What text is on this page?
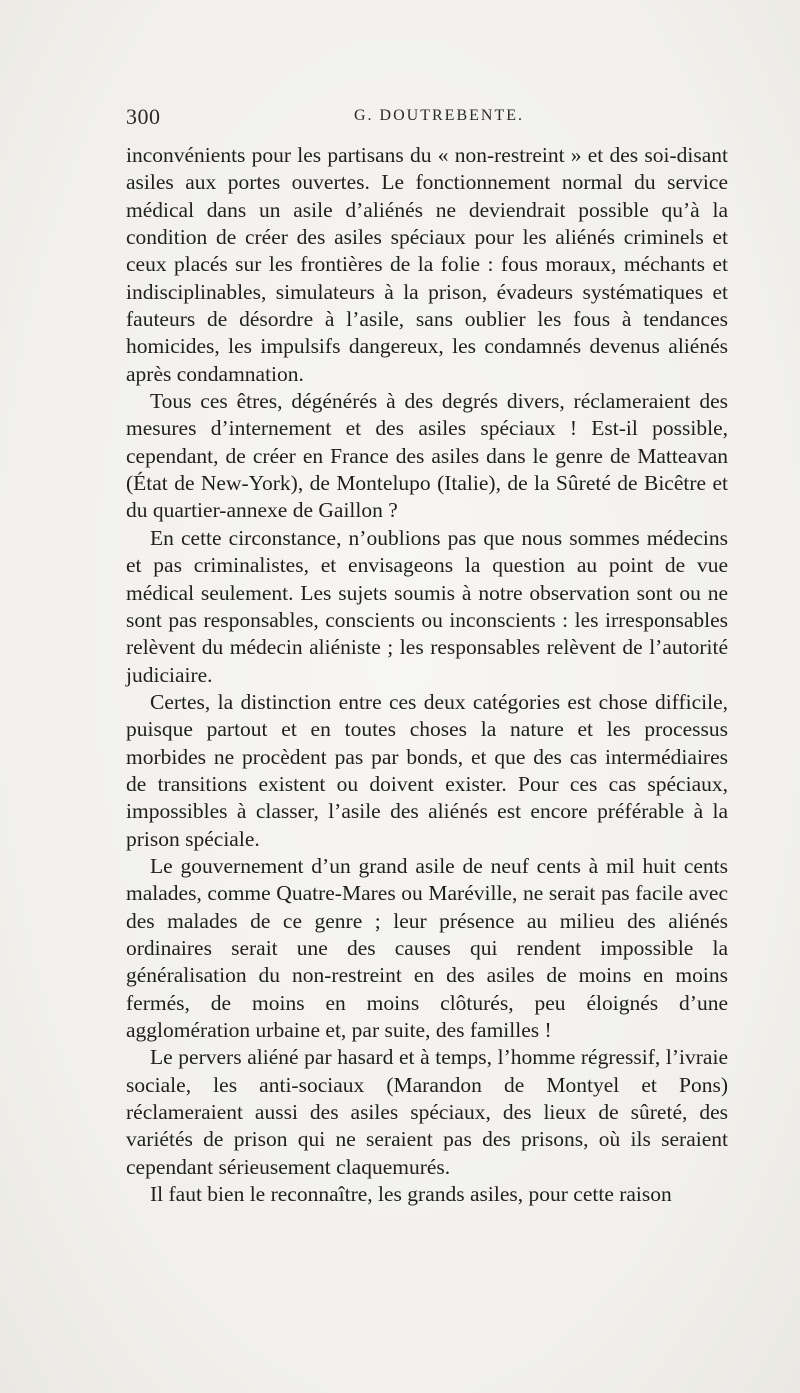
300	G. DOUTREBENTE.

inconvénients pour les partisans du « non-restreint » et des soi-disant asiles aux portes ouvertes. Le fonctionnement normal du service médical dans un asile d’aliénés ne deviendrait possible qu’à la condition de créer des asiles spéciaux pour les aliénés criminels et ceux placés sur les frontières de la folie : fous moraux, méchants et indisciplinables, simulateurs à la prison, évadeurs systématiques et fauteurs de désordre à l’asile, sans oublier les fous à tendances homicides, les impulsifs dangereux, les condamnés devenus aliénés après condamnation.

Tous ces êtres, dégénérés à des degrés divers, réclameraient des mesures d’internement et des asiles spéciaux ! Est-il possible, cependant, de créer en France des asiles dans le genre de Matteavan (État de New-York), de Montelupo (Italie), de la Sûreté de Bicêtre et du quartier-annexe de Gaillon ?

En cette circonstance, n’oublions pas que nous sommes médecins et pas criminalistes, et envisageons la question au point de vue médical seulement. Les sujets soumis à notre observation sont ou ne sont pas responsables, conscients ou inconscients : les irresponsables relèvent du médecin aliéniste ; les responsables relèvent de l’autorité judiciaire.

Certes, la distinction entre ces deux catégories est chose difficile, puisque partout et en toutes choses la nature et les processus morbides ne procèdent pas par bonds, et que des cas intermédiaires de transitions existent ou doivent exister. Pour ces cas spéciaux, impossibles à classer, l’asile des aliénés est encore préférable à la prison spéciale.

Le gouvernement d’un grand asile de neuf cents à mil huit cents malades, comme Quatre-Mares ou Maréville, ne serait pas facile avec des malades de ce genre ; leur présence au milieu des aliénés ordinaires serait une des causes qui rendent impossible la généralisation du non-restreint en des asiles de moins en moins fermés, de moins en moins clôturés, peu éloignés d’une agglomération urbaine et, par suite, des familles !

Le pervers aliéné par hasard et à temps, l’homme régressif, l’ivraie sociale, les anti-sociaux (Marandon de Montyel et Pons) réclameraient aussi des asiles spéciaux, des lieux de sûreté, des variétés de prison qui ne seraient pas des prisons, où ils seraient cependant sérieusement claquemurés.

Il faut bien le reconnaître, les grands asiles, pour cette raison
